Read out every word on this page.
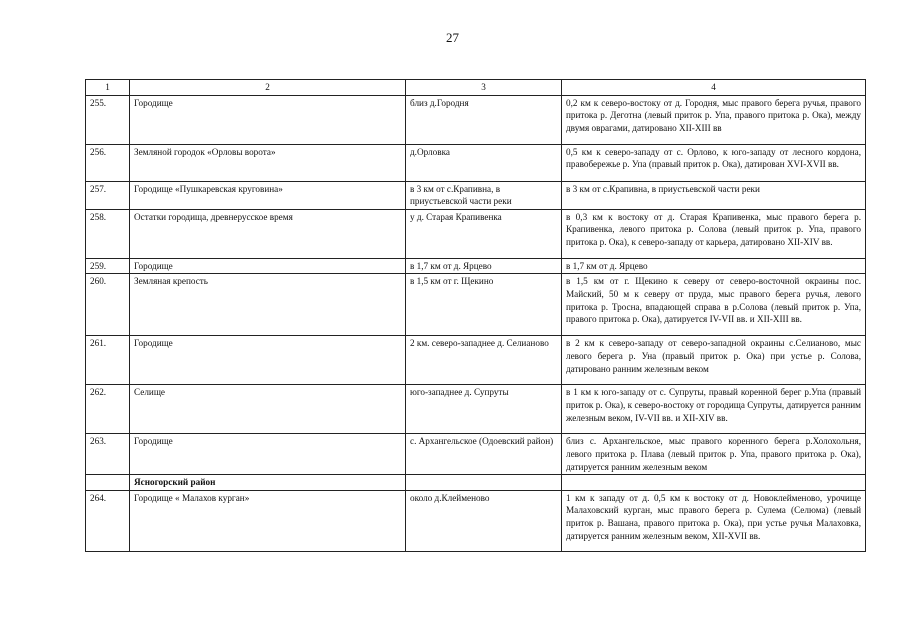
27
1	2	3	4
255.	Городище	близ д.Городня	0,2 км к северо-востоку от д. Городня, мыс правого берега ручья, правого притока р. Деготна (левый приток р. Упа, правого притока р. Ока), между двумя оврагами, датировано XII-XIII вв
256.	Земляной городок «Орловы ворота»	д.Орловка	0,5 км к северо-западу от с. Орлово, к юго-западу от лесного кордона, правобережье р. Упа (правый приток р. Ока), датирован XVI-XVII вв.
257.	Городище «Пушкаревская круговина»	в 3 км от с.Крапивна, в приустьевской части реки	в 3 км от с.Крапивна, в приустьевской части реки
258.	Остатки городища, древнерусское время	у д. Старая Крапивенка	в 0,3 км к востоку от д. Старая Крапивенка, мыс правого берега р. Крапивенка, левого притока р. Солова (левый приток р. Упа, правого притока р. Ока), к северо-западу от карьера, датировано XII-XIV вв.
259.	Городище	в 1,7 км от д. Ярцево	в 1,7 км от д. Ярцево
260.	Земляная крепость	в 1,5 км от г. Щекино	в 1,5 км от г. Щекино к северу от северо-восточной окраины пос. Майский, 50 м к северу от пруда, мыс правого берега ручья, левого притока р. Тросна, впадающей справа в р.Солова (левый приток р. Упа, правого притока р. Ока), датируется IV-VII вв. и XII-XIII вв.
261.	Городище	2 км. северо-западнее д. Селиановo	в 2 км к северо-западу от северо-западной окраины с.Селиановo, мыс левого берега р. Уна (правый приток р. Ока) при устье р. Солова, датировано ранним железным веком
262.	Селище	юго-западнее д. Супруты	в 1 км к юго-западу от с. Супруты, правый коренной берег р.Упа (правый приток р. Ока), к северо-востоку от городища Супруты, датируется ранним железным веком, IV-VII вв. и XII-XIV вв.
263.	Городище	с. Архангельское (Одоевский район)	близ с. Архангельское, мыс правого коренного берега р.Холохольня, левого притока р. Плава (левый приток р. Упа, правого притока р. Ока), датируется ранним железным веком
	Ясногорский район		
264.	Городище « Малахов курган»	около д.Клейменово	1 км к западу от д. 0,5 км к востоку от д. Новоклейменово, урочище Малаховский курган, мыс правого берега р. Сулема (Селюма) (левый приток р. Вашана, правого притока р. Ока), при устье ручья Малаховка, датируется ранним железным веком, XII-XVII вв.
